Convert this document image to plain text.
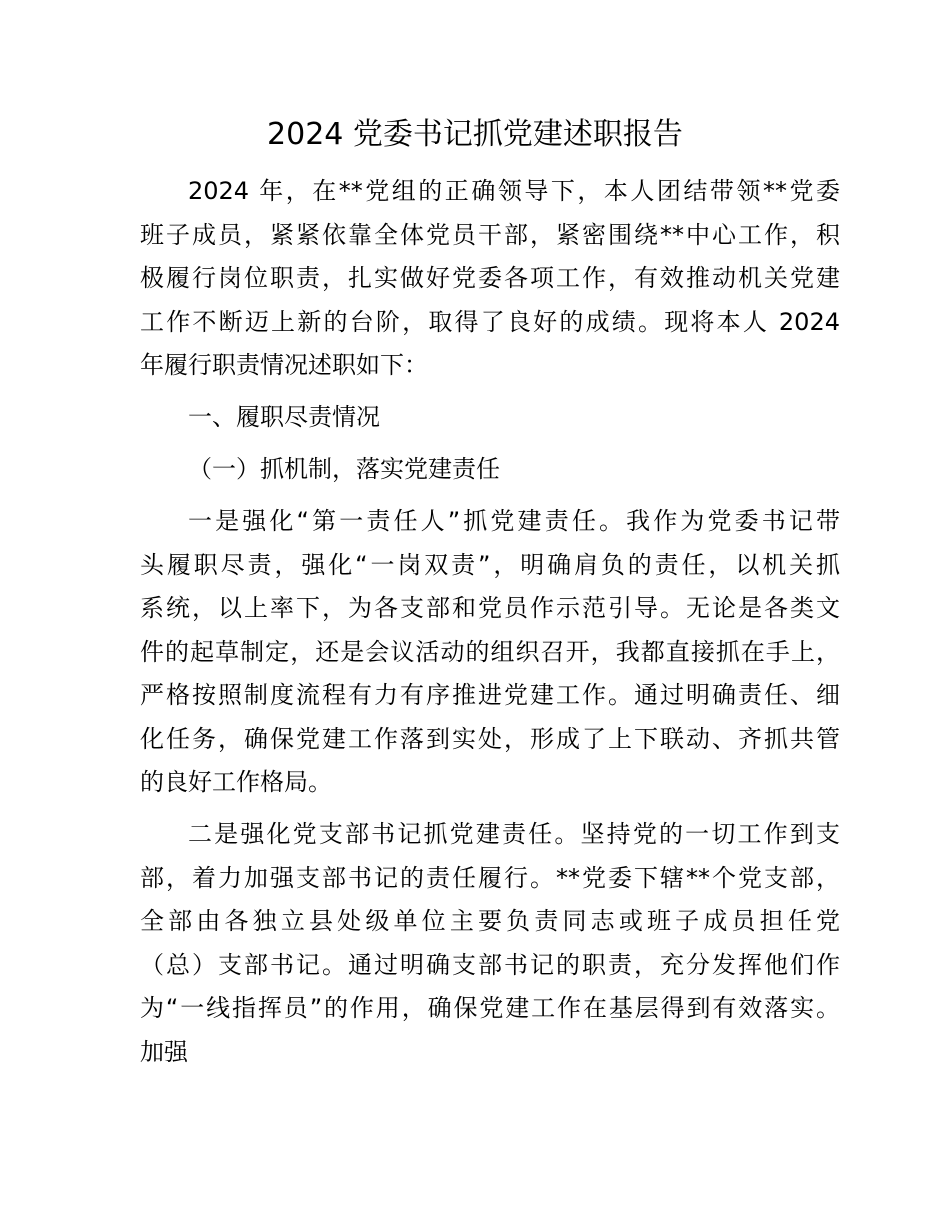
2024 党委书记抓党建述职报告
2024 年，在**党组的正确领导下，本人团结带领**党委
班子成员，紧紧依靠全体党员干部，紧密围绕**中心工作，积
极履行岗位职责，扎实做好党委各项工作，有效推动机关党建
工作不断迈上新的台阶，取得了良好的成绩。现将本人 2024
年履行职责情况述职如下：
一、履职尽责情况
（一）抓机制，落实党建责任
一是强化“第一责任人”抓党建责任。我作为党委书记带
头履职尽责，强化“一岗双责”，明确肩负的责任，以机关抓
系统，以上率下，为各支部和党员作示范引导。无论是各类文
件的起草制定，还是会议活动的组织召开，我都直接抓在手上，
严格按照制度流程有力有序推进党建工作。通过明确责任、细
化任务，确保党建工作落到实处，形成了上下联动、齐抓共管
的良好工作格局。
二是强化党支部书记抓党建责任。坚持党的一切工作到支
部，着力加强支部书记的责任履行。**党委下辖**个党支部，
全部由各独立县处级单位主要负责同志或班子成员担任党
（总）支部书记。通过明确支部书记的职责，充分发挥他们作
为“一线指挥员”的作用，确保党建工作在基层得到有效落实。
加强
